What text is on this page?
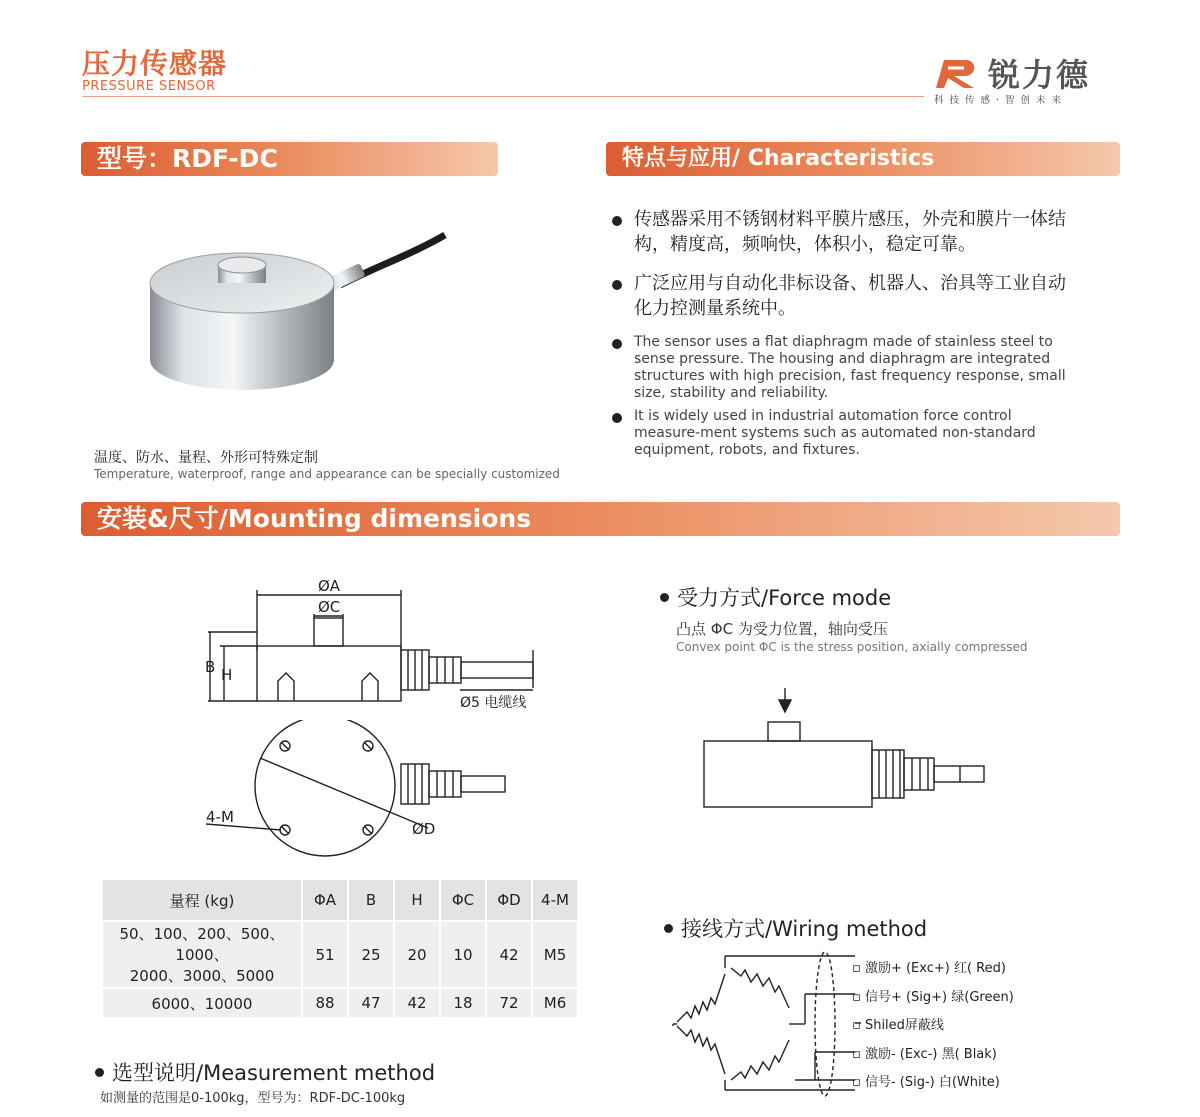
压力传感器
PRESSURE SENSOR	锐力德
科技传感·智创未来
型号：RDF-DC	特点与应用/ Characteristics
温度、防水、量程、外形可特殊定制
Temperature, waterproof, range and appearance can be specially customized
传感器采用不锈钢材料平膜片感压，外壳和膜片一体结构，精度高，频响快，体积小，稳定可靠。
广泛应用与自动化非标设备、机器人、治具等工业自动化力控测量系统中。
The sensor uses a flat diaphragm made of stainless steel to sense pressure. The housing and diaphragm are integrated structures with high precision, fast frequency response, small size, stability and reliability.
It is widely used in industrial automation force control measure-ment systems such as automated non-standard equipment, robots, and fixtures.
安装&尺寸/Mounting dimensions
ØA
ØC
B H
Ø5 电缆线
4-M
ØD
量程 (kg)	ΦA	B	H	ΦC	ΦD	4-M

50、100、200、500、1000、
2000、3000、5000	51	25	20	10	42	M5
6000、10000	88	47	42	18	72	M6
选型说明/Measurement method
如测量的范围是0-100kg，型号为：RDF-DC-100kg
受力方式/Force mode
凸点 ΦC 为受力位置，轴向受压
Convex point ΦC is the stress position, axially compressed
接线方式/Wiring method
▫ 激励+ (Exc+) 红( Red)
▫ 信号+ (Sig+) 绿(Green)
▫ Shiled屏蔽线
▫ 激励- (Exc-) 黑( Blak)
▫ 信号- (Sig-) 白(White)
